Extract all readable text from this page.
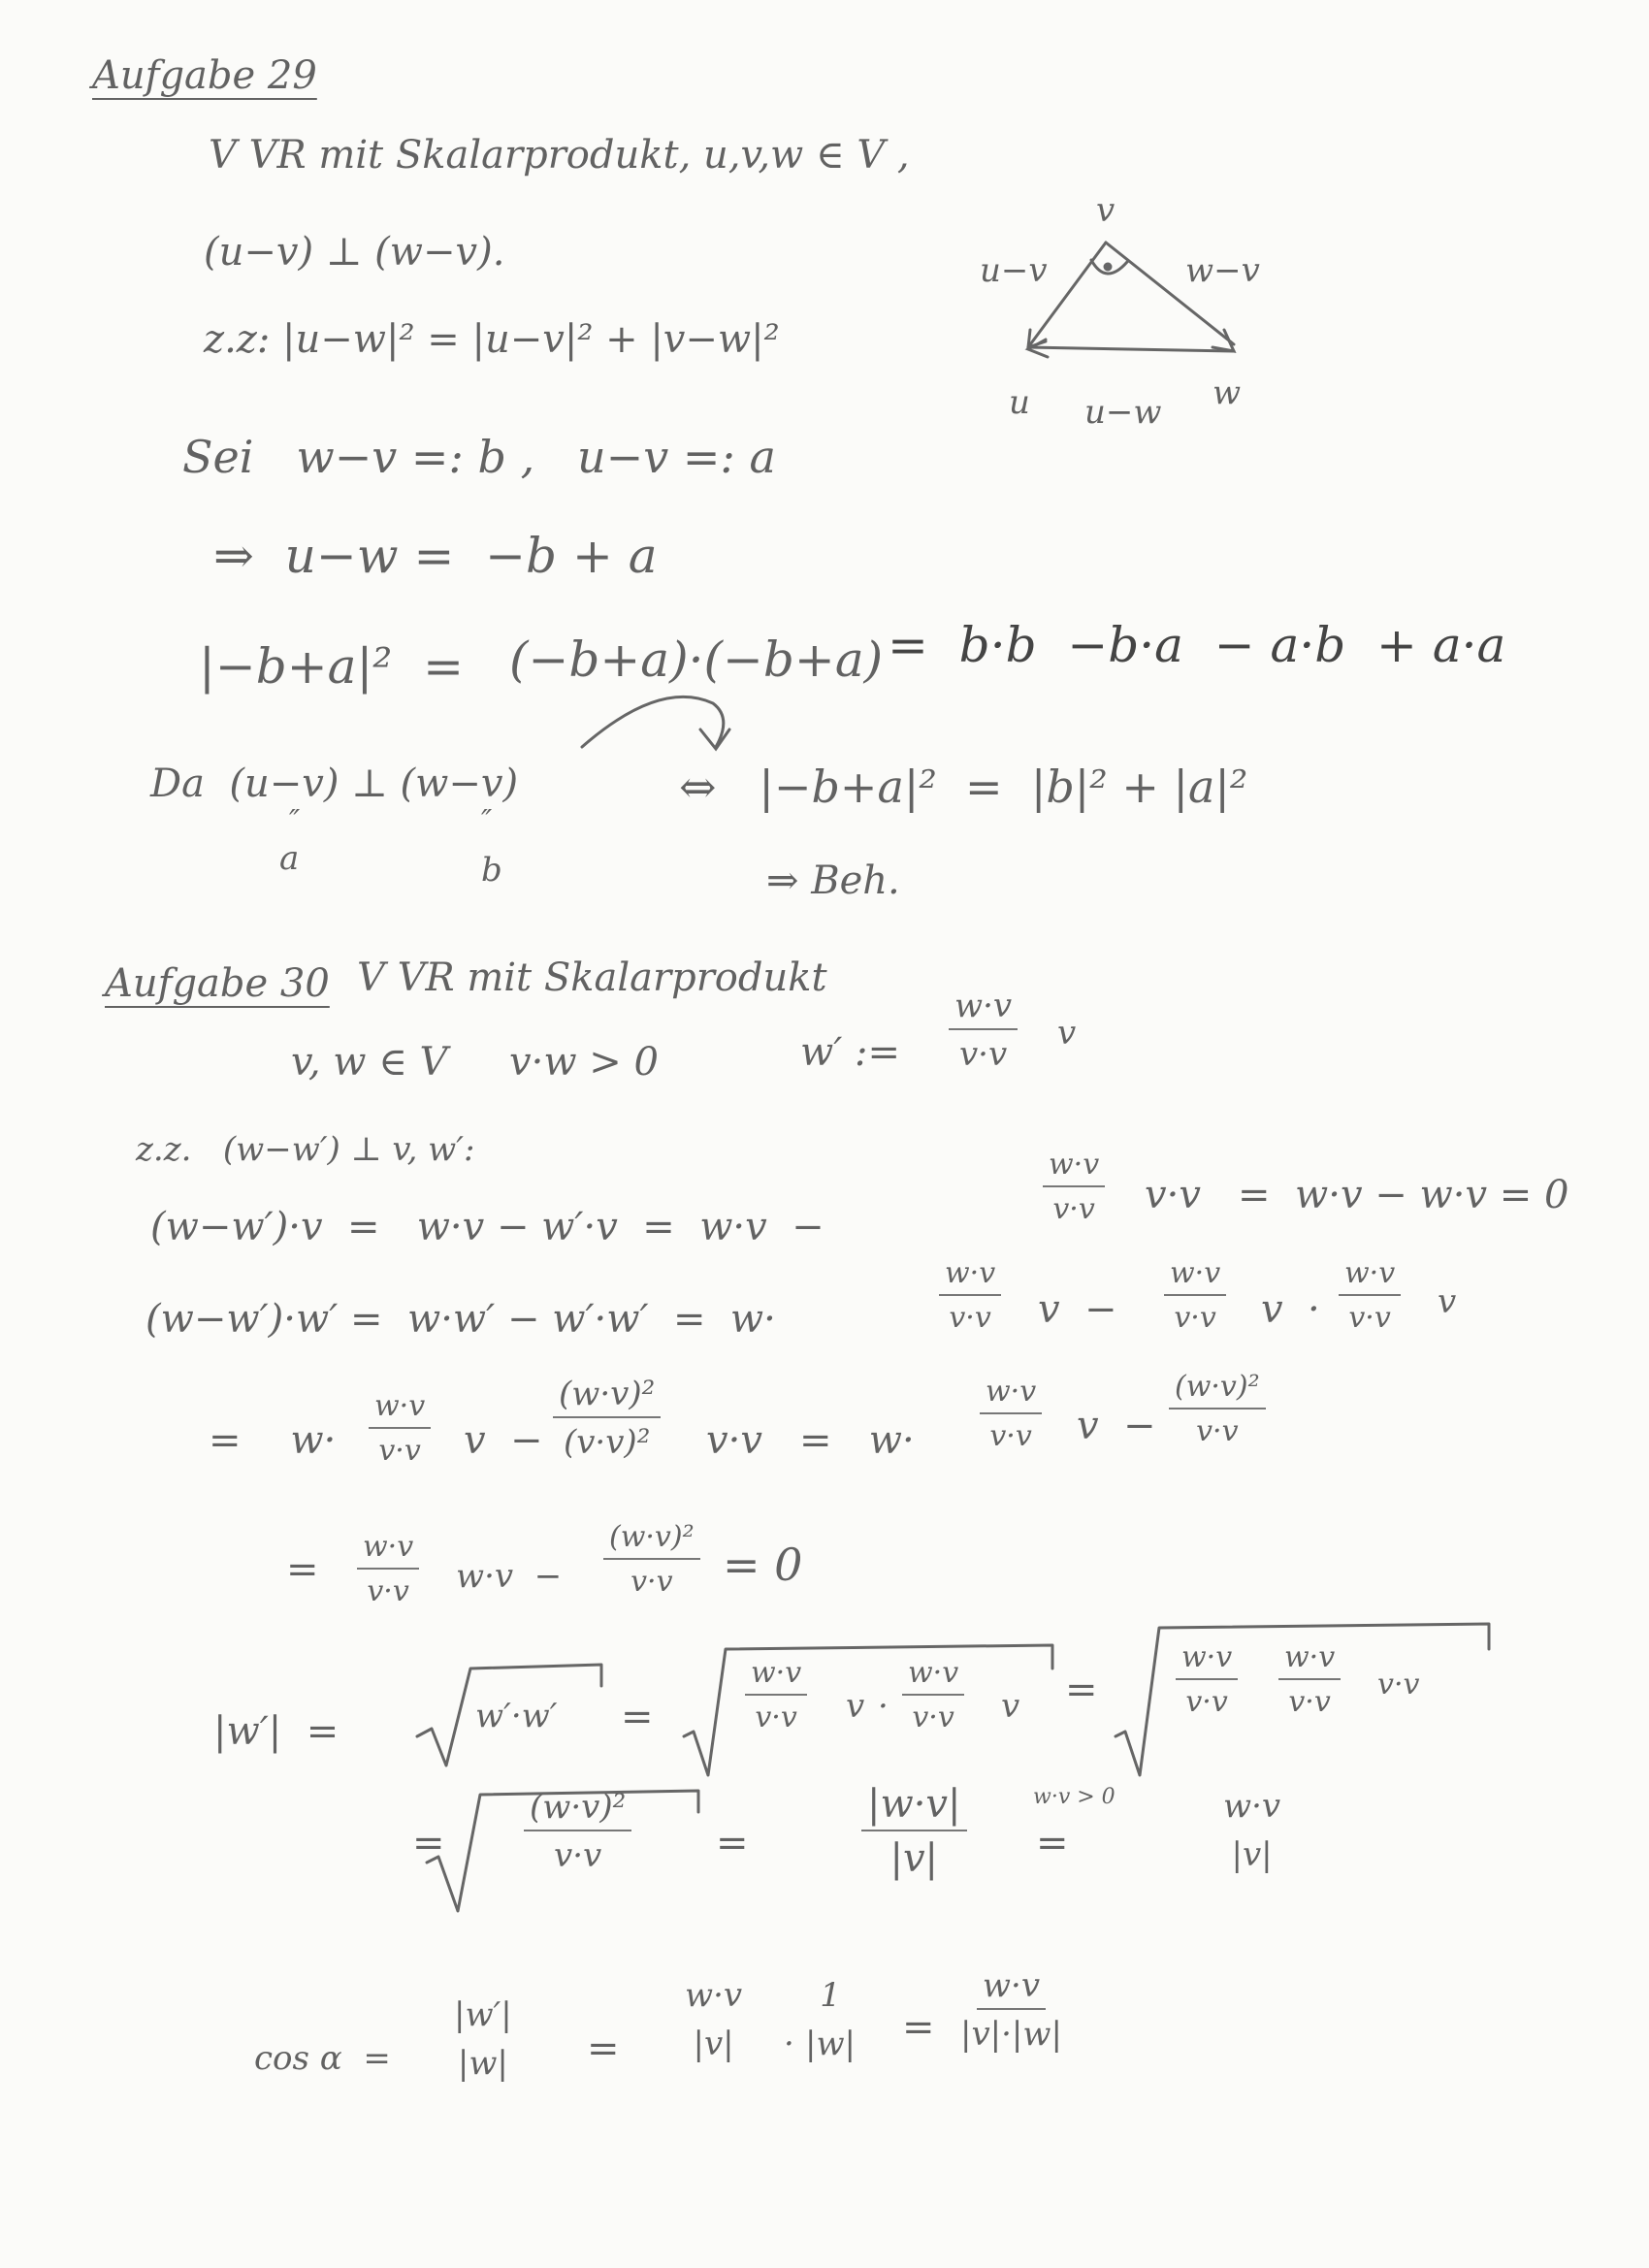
Aufgabe 29
V VR mit Skalarprodukt, u,v,w ∈ V ,
(u−v) ⊥ (w−v).
z.z: |u−w|² = |u−v|² + |v−w|²
v
u−v	w−v
u	w
u−w
Sei   w−v =: b ,   u−v =: a
⇒  u−w =  −b + a
|−b+a|²  = (−b+a)·(−b+a) =  b·b  −b·a  − a·b  + a·a
Da  (u−v) ⊥ (w−v)
″	″
a	b
⇔   |−b+a|²  =  |b|² + |a|²
⇒ Beh.
Aufgabe 30 V VR mit Skalarprodukt
v, w ∈ V     v·w > 0	w′ := $\frac{w\cdot v}{v\cdot v}$ v
z.z.   (w−w′) ⊥ v, w′:
(w−w′)·v  =   w·v − w′·v  =  w·v  −
$\frac{w\cdot v}{v\cdot v} v\cdot v = w\cdot v - w\cdot v = 0$
(w−w′)·w′ =  w·w′ − w′·w′  =  w·	$\frac{w\cdot v}{v\cdot v}$ $v - \frac{w\cdot v}{v\cdot v}$ $v \cdot \frac{w\cdot v}{v\cdot v}$ v
=    $w\cdot \frac{w\cdot v}{v\cdot v}$ $v - \frac{\text{(w·v)²}}{\text{(v·v)²}} v\cdot v = w\cdot \frac{w\cdot v}{v\cdot v}$ $v - \frac{\text{(w·v)²}}{v\cdot v}$
= $\frac{w\cdot v}{v\cdot v} w\cdot v - \frac{\text{(w·v)²}}{v\cdot v} = 0$
|w′|  =	w′·w′ =	$\frac{w\cdot v}{v\cdot v}$ $v \cdot \frac{w\cdot v}{v\cdot v}$ v =	$\frac{w\cdot v}{v\cdot v} \frac{w\cdot v}{v\cdot v} v\cdot v$
= $\frac{\text{(w·v)²}}{v\cdot v}$ =	$\frac{|w\cdot v|}{|v|}$ =
w·v > 0	w·v
|v|
cos α  =
|w′|
|w| =
w·v
|v| ·
1
$|w| = \frac{w\cdot v}{|v|\cdot|w|}$
